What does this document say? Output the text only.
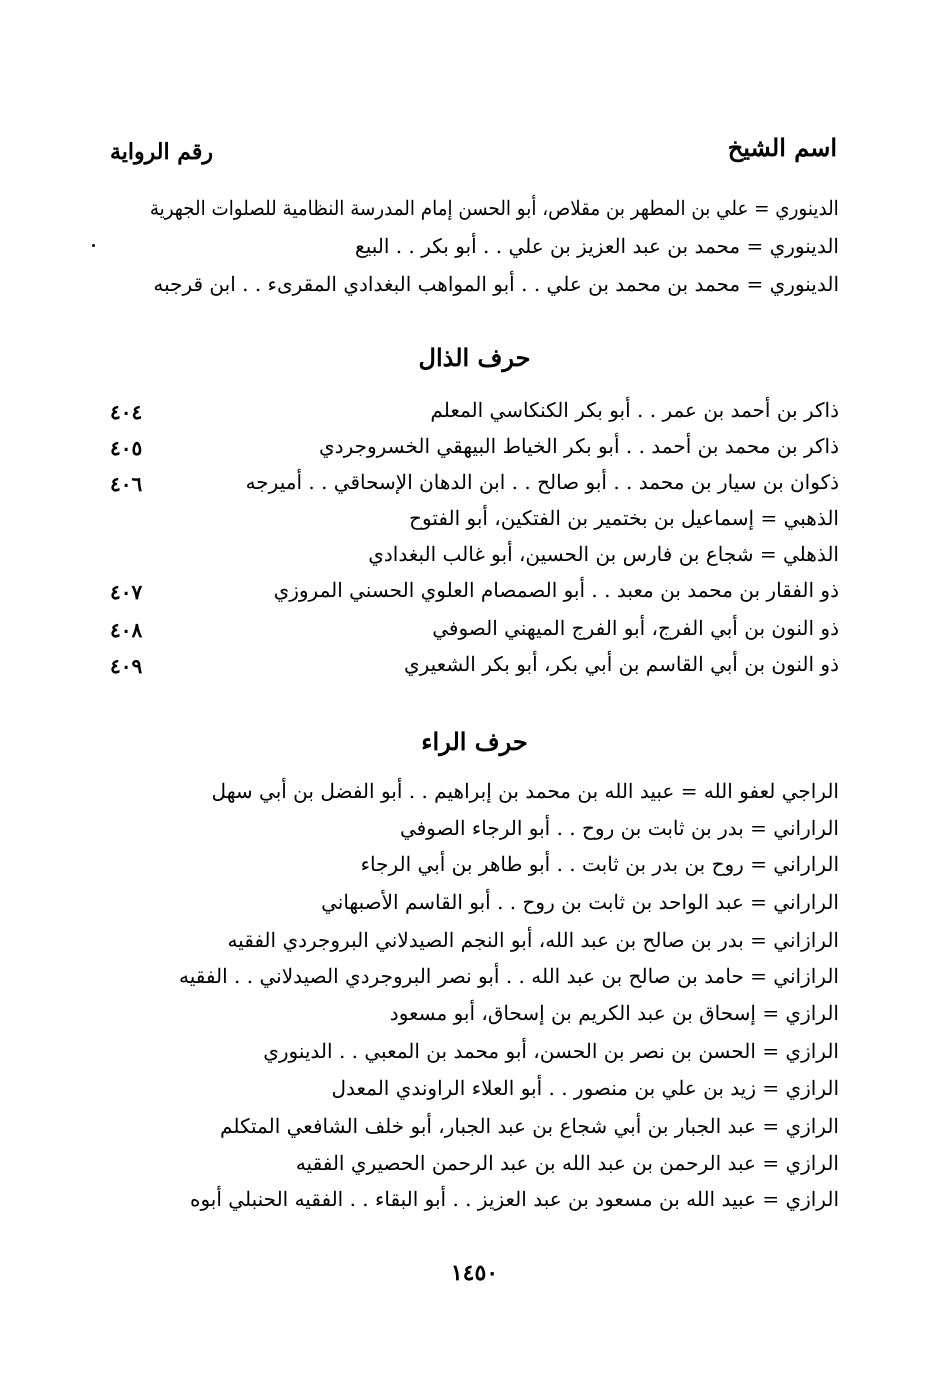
اسم الشيخ
رقم الرواية
الدينوري = علي بن المطهر بن مقلاص، أبو الحسن إمام المدرسة النظامية للصلوات الجهرية
الدينوري = محمد بن عبد العزيز بن علي . . أبو بكر . . البيع
الدينوري = محمد بن محمد بن علي . . أبو المواهب البغدادي المقرىء . . ابن قرجبه
حرف الذال
ذاكر بن أحمد بن عمر . . أبو بكر الكنكاسي المعلم
٤٠٤
ذاكر بن محمد بن أحمد . . أبو بكر الخياط البيهقي الخسروجردي
٤٠٥
ذكوان بن سيار بن محمد . . أبو صالح . . ابن الدهان الإسحاقي . . أميرجه
٤٠٦
الذهبي = إسماعيل بن بختمير بن الفتكين، أبو الفتوح
الذهلي = شجاع بن فارس بن الحسين، أبو غالب البغدادي
ذو الفقار بن محمد بن معبد . . أبو الصمصام العلوي الحسني المروزي
٤٠٧
ذو النون بن أبي الفرج، أبو الفرج الميهني الصوفي
٤٠٨
ذو النون بن أبي القاسم بن أبي بكر، أبو بكر الشعيري
٤٠٩
حرف الراء
الراجي لعفو الله = عبيد الله بن محمد بن إبراهيم . . أبو الفضل بن أبي سهل
الراراني = بدر بن ثابت بن روح . . أبو الرجاء الصوفي
الراراني = روح بن بدر بن ثابت . . أبو طاهر بن أبي الرجاء
الراراني = عبد الواحد بن ثابت بن روح . . أبو القاسم الأصبهاني
الرازاني = بدر بن صالح بن عبد الله، أبو النجم الصيدلاني البروجردي الفقيه
الرازاني = حامد بن صالح بن عبد الله . . أبو نصر البروجردي الصيدلاني . . الفقيه
الرازي = إسحاق بن عبد الكريم بن إسحاق، أبو مسعود
الرازي = الحسن بن نصر بن الحسن، أبو محمد بن المعبي . . الدينوري
الرازي = زيد بن علي بن منصور . . أبو العلاء الراوندي المعدل
الرازي = عبد الجبار بن أبي شجاع بن عبد الجبار، أبو خلف الشافعي المتكلم
الرازي = عبد الرحمن بن عبد الله بن عبد الرحمن الحصيري الفقيه
الرازي = عبيد الله بن مسعود بن عبد العزيز . . أبو البقاء . . الفقيه الحنبلي أبوه
١٤٥٠
